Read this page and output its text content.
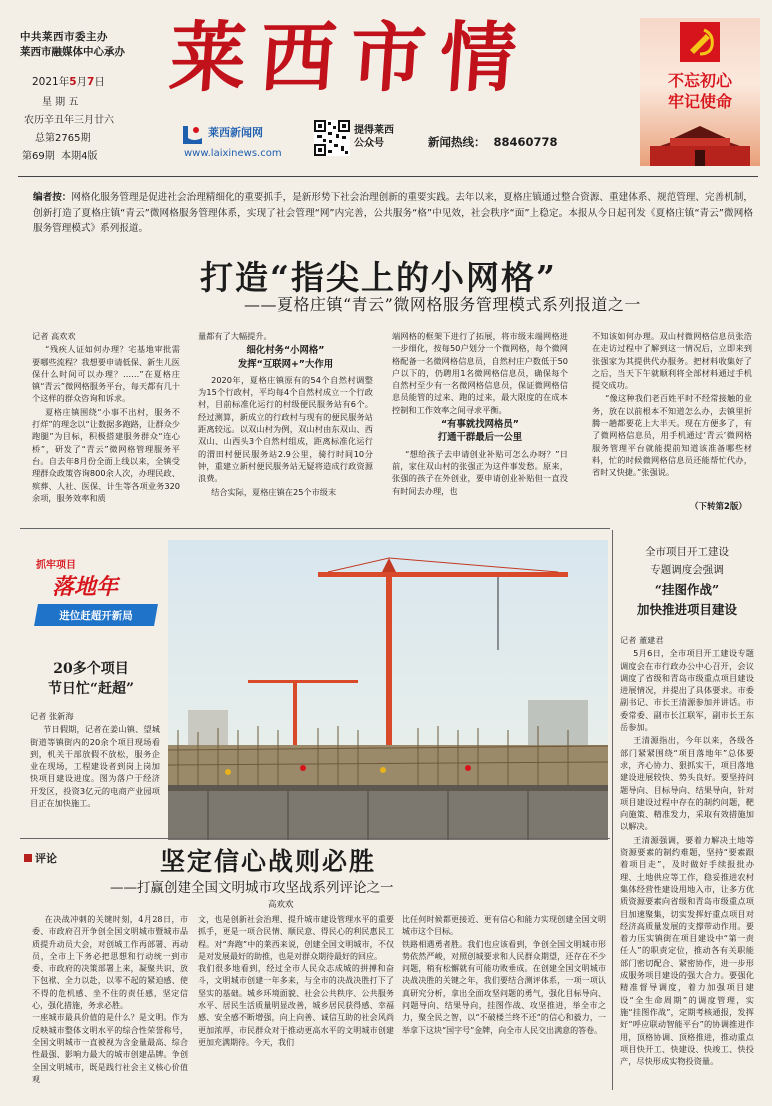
中共莱西市委主办
莱西市融媒体中心承办
2021年5月7日
星 期 五
农历辛丑年三月廿六
总第2765期
第69期 本期4版
莱西市情
莱西新闻网
www.laixinews.com
提得莱西
公众号	新闻热线： 88460778
不忘初心
牢记使命
编者按：网格化服务管理是促进社会治理精细化的重要抓手，是新形势下社会治理创新的重要实践。去年以来，夏格庄镇通过整合资源、重建体系、规范管理、完善机制，创新打造了夏格庄镇“青云”微网格服务管理体系，实现了社会管理“网”内完善，公共服务“格”中见效，社会秩序“面”上稳定。本报从今日起刊发《夏格庄镇“青云”微网格服务管理模式》系列报道。
打造“指尖上的小网格”
——夏格庄镇“青云”微网格服务管理模式系列报道之一

记者 高欢欢

“残疾人证如何办理？宅基地审批需要哪些流程？我想要申请低保、新生儿医保什么时间可以办理？……”在夏格庄镇“青云”微网格服务平台，每天都有几十个这样的群众咨询和诉求。

夏格庄镇围绕“小事不出村，服务不打烊”的理念以“让数据多跑路，让群众少跑腿”为目标，积极搭建服务群众“连心桥”，研发了“青云”微网格管理服务平台。自去年8月份全面上线以来，全镇受理群众政策咨询800余人次，办理民政、殡葬、人社、医保、计生等各项业务320余项，服务效率和质

量都有了大幅提升。

细化村务“小网格”

发挥“互联网+”大作用

2020年，夏格庄镇原有的54个自然村调整为15个行政村，平均每4个自然村成立一个行政村，目前标准化运行的村级便民服务站有6个。经过测算，新成立的行政村与现有的便民服务站距离较远。以双山村为例，双山村由东双山、西双山、山西头3个自然村组成，距离标准化运行的渭田村便民服务站2.9公里，骑行时间10分钟，重建立新村便民服务站无疑将造成行政资源浪费。

结合实际，夏格庄镇在25个市级末

端网格的框架下进行了拓展，将市级末端网格进一步细化，按每50户划分一个微网格，每个微网格配备一名微网格信息员，自然村庄户数低于50户以下的，仍聘用1名微网格信息员，确保每个自然村至少有一名微网格信息员，保证微网格信息员能管的过来、跑的过来，最大限度的在成本控制和工作效率之间寻求平衡。

“有事就找网格员”

打通干群最后一公里

“想给孩子去申请创业补贴可怎么办呀？”日前，家住双山村的张强正为这件事发愁。原来，张强的孩子在外创业，要申请创业补贴但一直没有时间去办理，也

不知该如何办理。双山村微网格信息员张浩在走访过程中了解到这一情况后，立即来到张强家为其提供代办服务。把材料收集好了之后，当天下午就顺利将全部材料通过手机提交成功。

“像这种我们老百姓平时不经常接触的业务，放在以前根本不知道怎么办，去镇里折腾一趟都要花上大半天。现在方便多了，有了微网格信息员，用手机通过‘青云’微网格服务管理平台就能提前知道该准备哪些材料，忙的时候微网格信息员还能帮忙代办，省时又快捷。”张强说。

（下转第2版）
抓牢项目
落地年
进位赶超开新局
20多个项目
节日忙“赶超”

记者 张新海

节日假期，记者在姜山镇、望城街道等镇街内的20余个项目现场看到，机关干部放假不放松，服务企业在现场，工程建设者到岗上岗加快项目建设进度。图为落户于经济开发区，投资3亿元的电商产业园项目正在加快施工。

全市项目开工建设
专题调度会强调
“挂图作战”
加快推进项目建设

记者 董建君

5月6日，全市项目开工建设专题调度会在市行政办公中心召开，会议调度了省级和青岛市级重点项目建设进展情况，并提出了具体要求。市委副书记、市长王清源参加并讲话。市委常委、副市长江联军，副市长王东岳参加。

王清源指出，今年以来，各级各部门紧紧围绕“项目落地年”总体要求，齐心协力、狠抓实干，项目落地建设进展较快、势头良好。要坚持问题导向、目标导向、结果导向，针对项目建设过程中存在的制约问题，靶向施策、精准发力，采取有效措施加以解决。

王清源强调，要着力解决土地等资源要素的制约难题，坚持“要素跟着项目走”，及时做好手续报批办理、土地供应等工作，稳妥推进农村集体经营性建设用地入市，让多方优质资源要素向省级和青岛市级重点项目加速聚集，切实发挥好重点项目对经济高质量发展的支撑带动作用。要着力压实镇街在项目建设中“第一责任人”的职责定位，推动各有关职能部门密切配合、紧密协作，进一步形成服务项目建设的强大合力。要强化精准督导调度，着力加强项目建设“全生命周期”的调度管理，实施“挂图作战”，定期考核通报，发挥好“呼应联动智能平台”的协调推进作用，顶格协调、顶格推进，推动重点项目快开工、快建设、快竣工、快投产，尽快形成实物投资量。

评论	坚定信心战则必胜
——打赢创建全国文明城市攻坚战系列评论之一
高欢欢

在决战冲刺的关键时刻，4月28日，市委、市政府召开争创全国文明城市暨城市品质提升动员大会，对创城工作再部署、再动员，全市上下务必把思想和行动统一到市委、市政府的决策部署上来，凝聚共识、放下包袱、全力以赴，以零不起的紧迫感、使不得的危机感、坐不住的责任感，坚定信心，强化措施，务求必胜。
一座城市最具价值的是什么？是文明。作为反映城市整体文明水平的综合性荣誉称号，全国文明城市一直被视为含金量最高、综合性最强、影响力最大的城市创建品牌。争创全国文明城市，既是践行社会主义核心价值观

文，也是创新社会治理、提升城市建设管理水平的重要抓手，更是一项合民情、顺民意、得民心的利民惠民工程。对“奔跑”中的莱西来说，创建全国文明城市，不仅是对发展最好的助推，也是对群众期待最好的回应。
我们很多地看到，经过全市人民众志成城的拼搏和奋斗，文明城市创建一年多来，与全市的决战决胜打下了坚实的基础。城乡环境面貌、社会公共秩序、公共服务水平、居民生活质量明显改善，城乡居民获得感、幸福感、安全感不断增强，向上向善、诚信互助的社会风尚更加浓厚，市民群众对于推动更高水平的文明城市创建更加充满期待。今天，我们

比任何时候都更接近、更有信心和能力实现创建全国文明城市这个目标。
铁路相遇勇者胜。我们也应该看到，争创全国文明城市形势依然严峻，对照创城要求和人民群众期望，还存在不少问题，稍有松懈就有可能功败垂成。在创建全国文明城市决战决胜的关键之年，我们要结合测评体系，一项一项认真研究分析，拿出全面攻坚问题的勇气，强化目标导向、问题导向、结果导向，挂图作战、攻坚推进，举全市之力，聚全民之智，以“不破楼兰终不还”的信心和毅力，一举拿下这块“国字号”金牌，向全市人民交出满意的答卷。
